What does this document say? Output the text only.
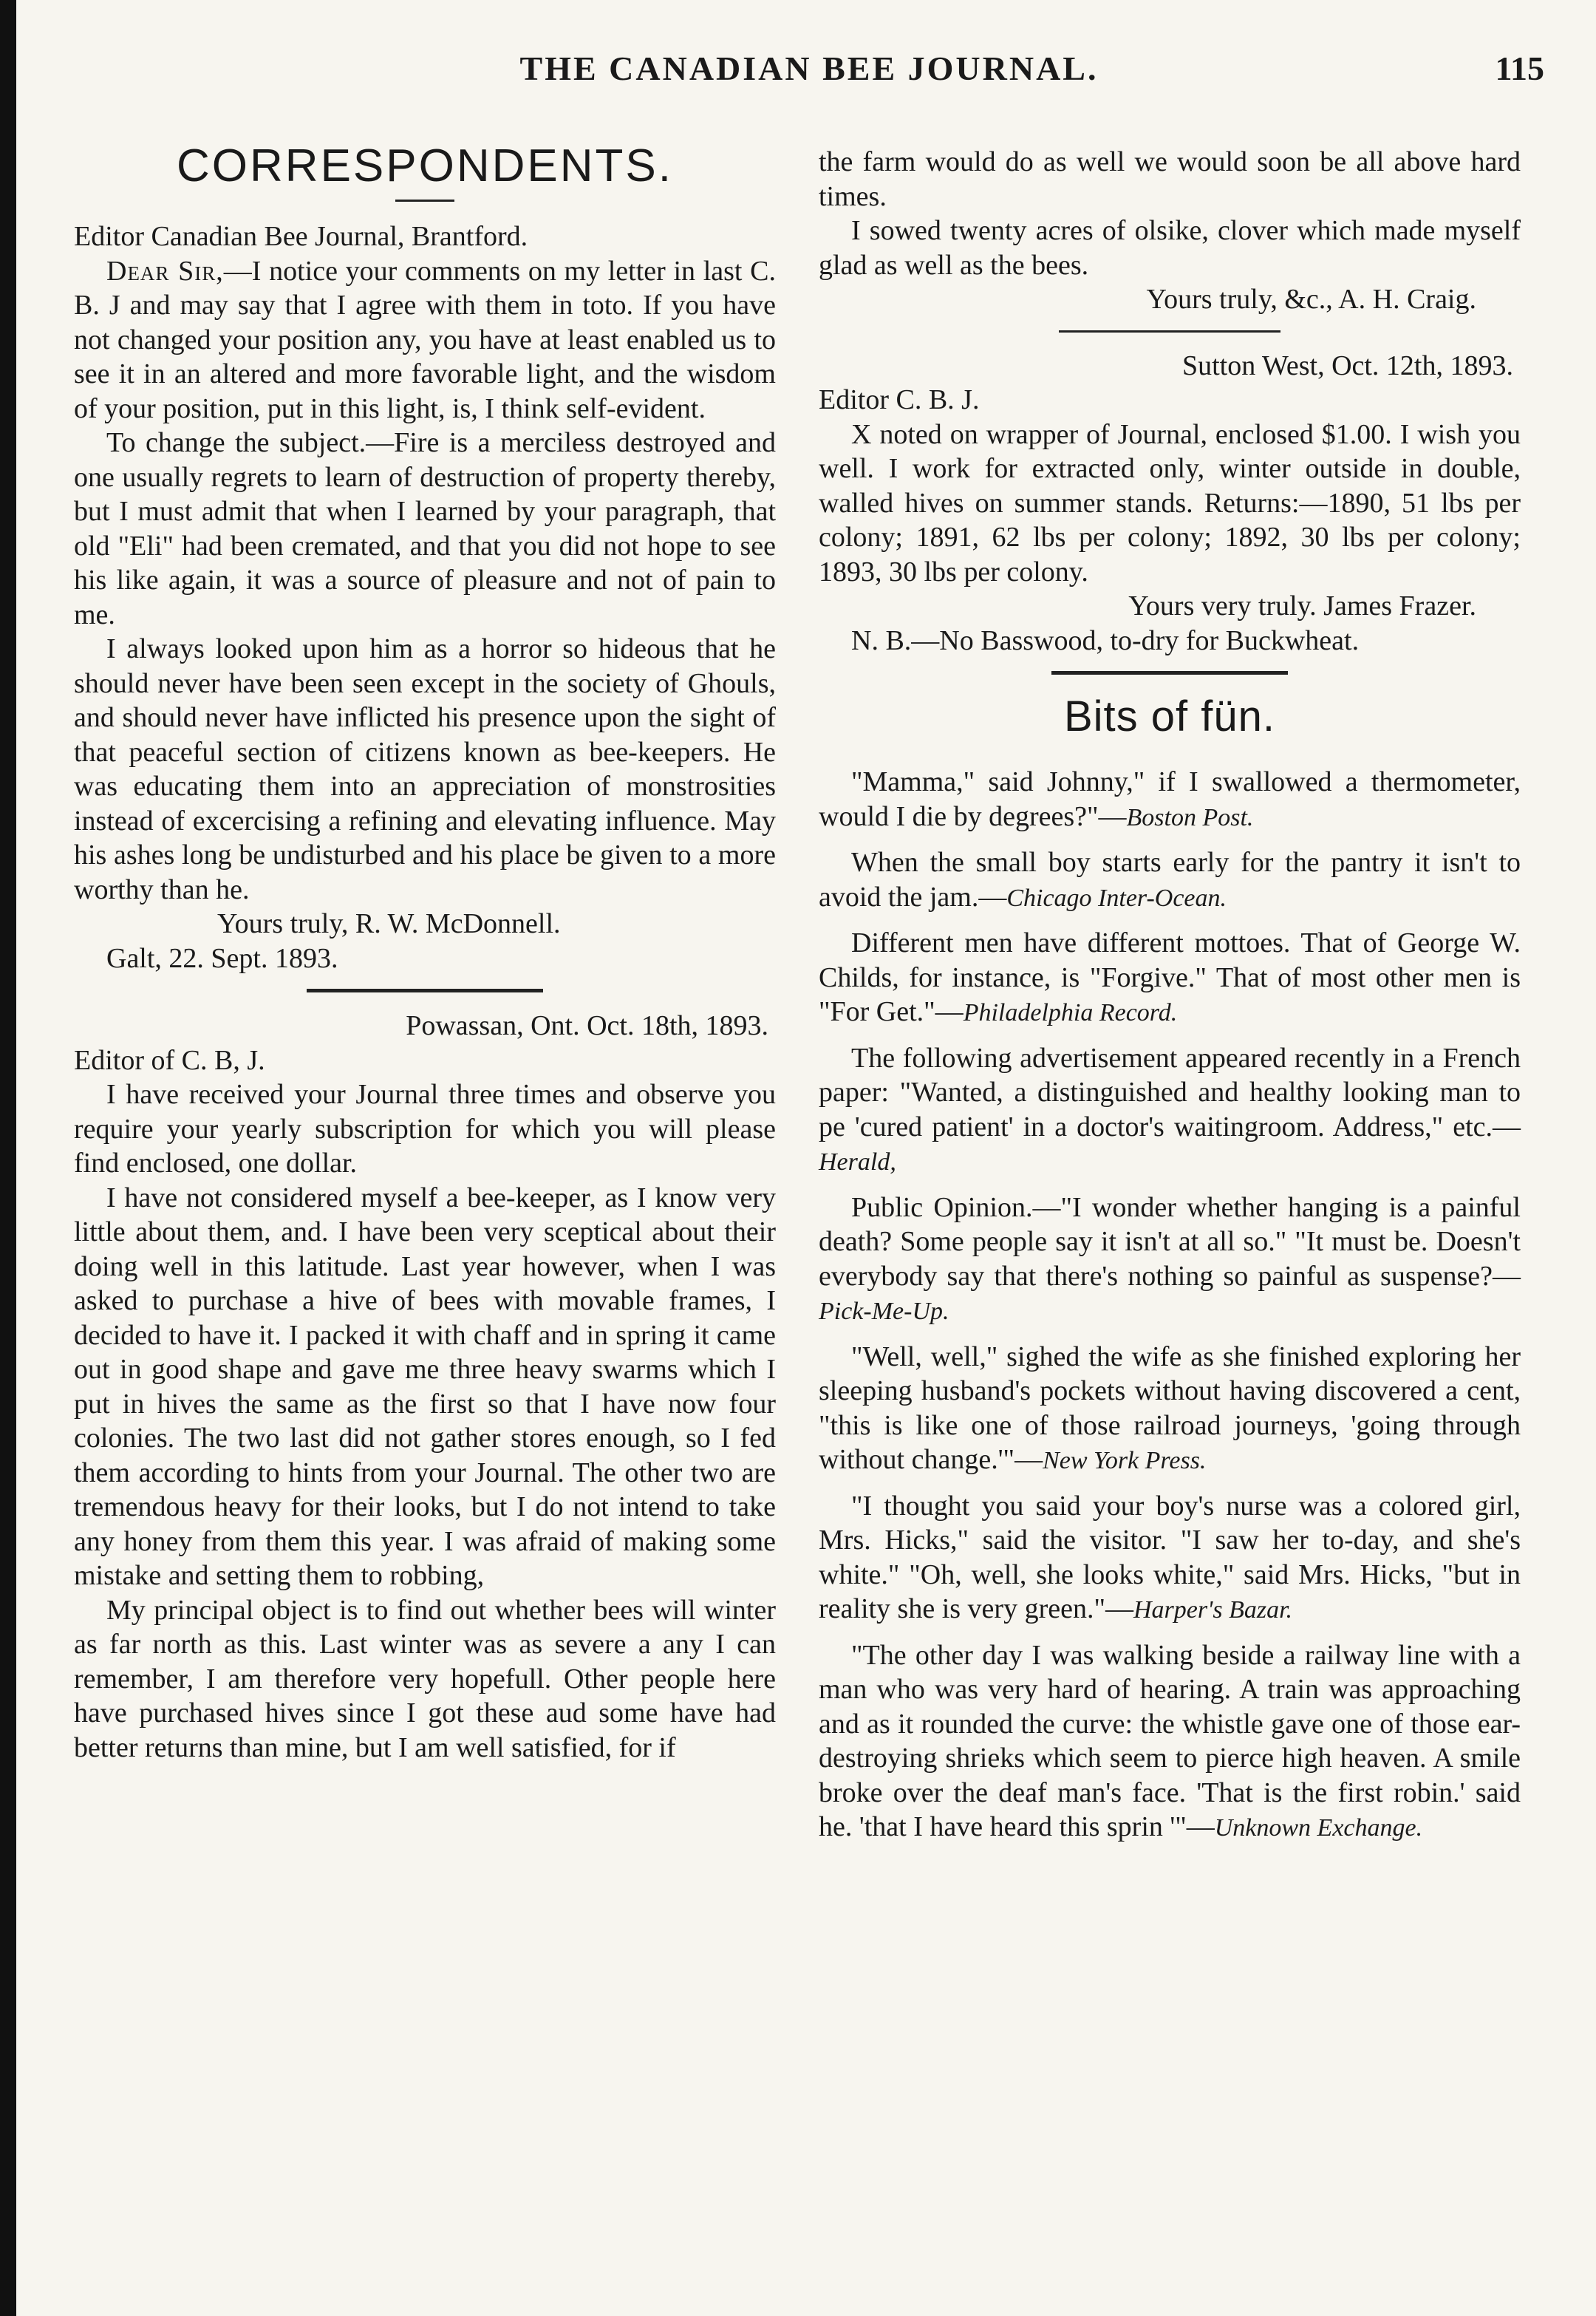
THE CANADIAN BEE JOURNAL.	115
CORRESPONDENTS.

Editor Canadian Bee Journal, Brantford.

Dear Sir,—I notice your comments on my letter in last C. B. J and may say that I agree with them in toto. If you have not changed your position any, you have at least enabled us to see it in an altered and more favorable light, and the wisdom of your position, put in this light, is, I think self-evident.

To change the subject.—Fire is a merciless destroyed and one usually regrets to learn of destruction of property thereby, but I must admit that when I learned by your paragraph, that old "Eli" had been cremated, and that you did not hope to see his like again, it was a source of pleasure and not of pain to me.

I always looked upon him as a horror so hideous that he should never have been seen except in the society of Ghouls, and should never have inflicted his presence upon the sight of that peaceful section of citizens known as bee-keepers. He was educating them into an appreciation of monstrosities instead of excercising a refining and elevating influence. May his ashes long be undisturbed and his place be given to a more worthy than he.

Yours truly, R. W. McDonnell.

Galt, 22. Sept. 1893.

Powassan, Ont. Oct. 18th, 1893.

Editor of C. B, J.

I have received your Journal three times and observe you require your yearly subscription for which you will please find enclosed, one dollar.

I have not considered myself a bee-keeper, as I know very little about them, and. I have been very sceptical about their doing well in this latitude. Last year however, when I was asked to purchase a hive of bees with movable frames, I decided to have it. I packed it with chaff and in spring it came out in good shape and gave me three heavy swarms which I put in hives the same as the first so that I have now four colonies. The two last did not gather stores enough, so I fed them according to hints from your Journal. The other two are tremendous heavy for their looks, but I do not intend to take any honey from them this year. I was afraid of making some mistake and setting them to robbing,

My principal object is to find out whether bees will winter as far north as this. Last winter was as severe a any I can remember, I am therefore very hopefull. Other people here have purchased hives since I got these aud some have had better returns than mine, but I am well satisfied, for if

the farm would do as well we would soon be all above hard times.

I sowed twenty acres of olsike, clover which made myself glad as well as the bees.

Yours truly, &c., A. H. Craig.

Sutton West, Oct. 12th, 1893.

Editor C. B. J.

X noted on wrapper of Journal, enclosed $1.00. I wish you well. I work for extracted only, winter outside in double, walled hives on summer stands. Returns:—1890, 51 lbs per colony; 1891, 62 lbs per colony; 1892, 30 lbs per colony; 1893, 30 lbs per colony.

Yours very truly. James Frazer.

N. B.—No Basswood, to-dry for Buckwheat.

Bits of fün.

"Mamma," said Johnny," if I swallowed a thermometer, would I die by degrees?"—Boston Post.

When the small boy starts early for the pantry it isn't to avoid the jam.—Chicago Inter-Ocean.

Different men have different mottoes. That of George W. Childs, for instance, is "Forgive." That of most other men is "For Get."—Philadelphia Record.

The following advertisement appeared recently in a French paper: "Wanted, a distinguished and healthy looking man to pe 'cured patient' in a doctor's waitingroom. Address," etc.—Herald,

Public Opinion.—"I wonder whether hanging is a painful death? Some people say it isn't at all so." "It must be. Doesn't everybody say that there's nothing so painful as suspense?—Pick-Me-Up.

"Well, well," sighed the wife as she finished exploring her sleeping husband's pockets without having discovered a cent, "this is like one of those railroad journeys, 'going through without change.'"—New York Press.

"I thought you said your boy's nurse was a colored girl, Mrs. Hicks," said the visitor. "I saw her to-day, and she's white." "Oh, well, she looks white," said Mrs. Hicks, "but in reality she is very green."—Harper's Bazar.

"The other day I was walking beside a railway line with a man who was very hard of hearing. A train was approaching and as it rounded the curve: the whistle gave one of those ear-destroying shrieks which seem to pierce high heaven. A smile broke over the deaf man's face. 'That is the first robin.' said he. 'that I have heard this sprin '"—Unknown Exchange.
